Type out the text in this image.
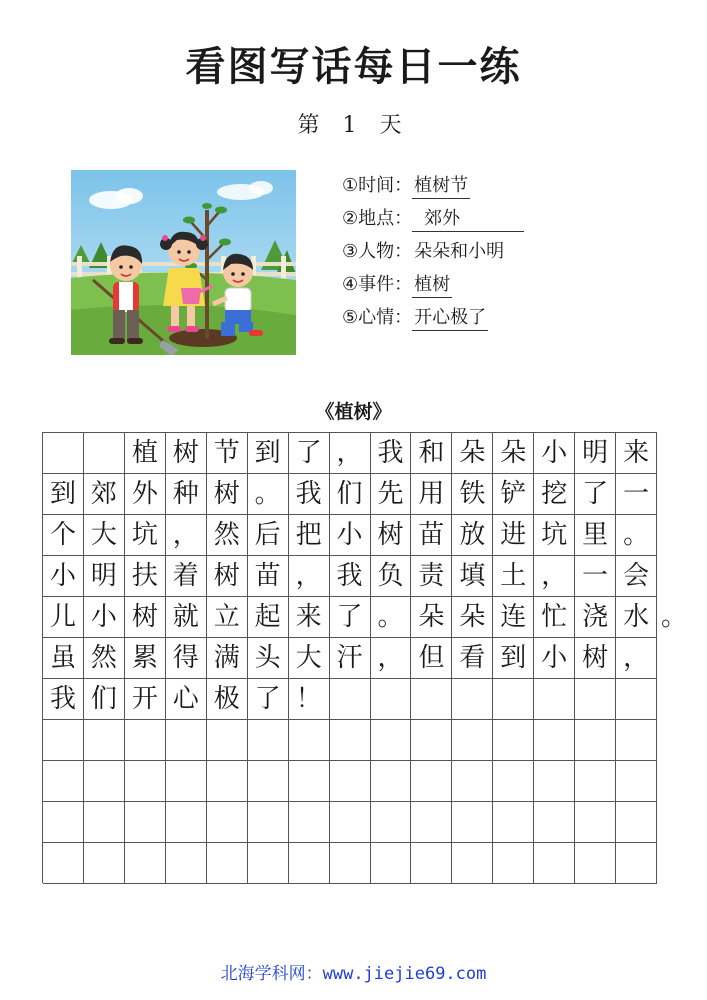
看图写话每日一练
第 1 天
①时间： 植树节
②地点： 郊外
③人物： 朵朵和小明
④事件： 植树
⑤心情： 开心极了
《植树》
植 树 节 到 了 ， 我 和 朵 朵 小 明 来
到 郊 外 种 树 。 我 们 先 用 铁 铲 挖 了 一
个 大 坑 ， 然 后 把 小 树 苗 放 进 坑 里 。
小 明 扶 着 树 苗 ， 我 负 责 填 土 ， 一 会
儿 小 树 就 立 起 来 了 。 朵 朵 连 忙 浇 水
虽 然 累 得 满 头 大 汗 ， 但 看 到 小 树 ，
我 们 开 心 极 了 ！
。
北海学科网：www.jiejie69.com
